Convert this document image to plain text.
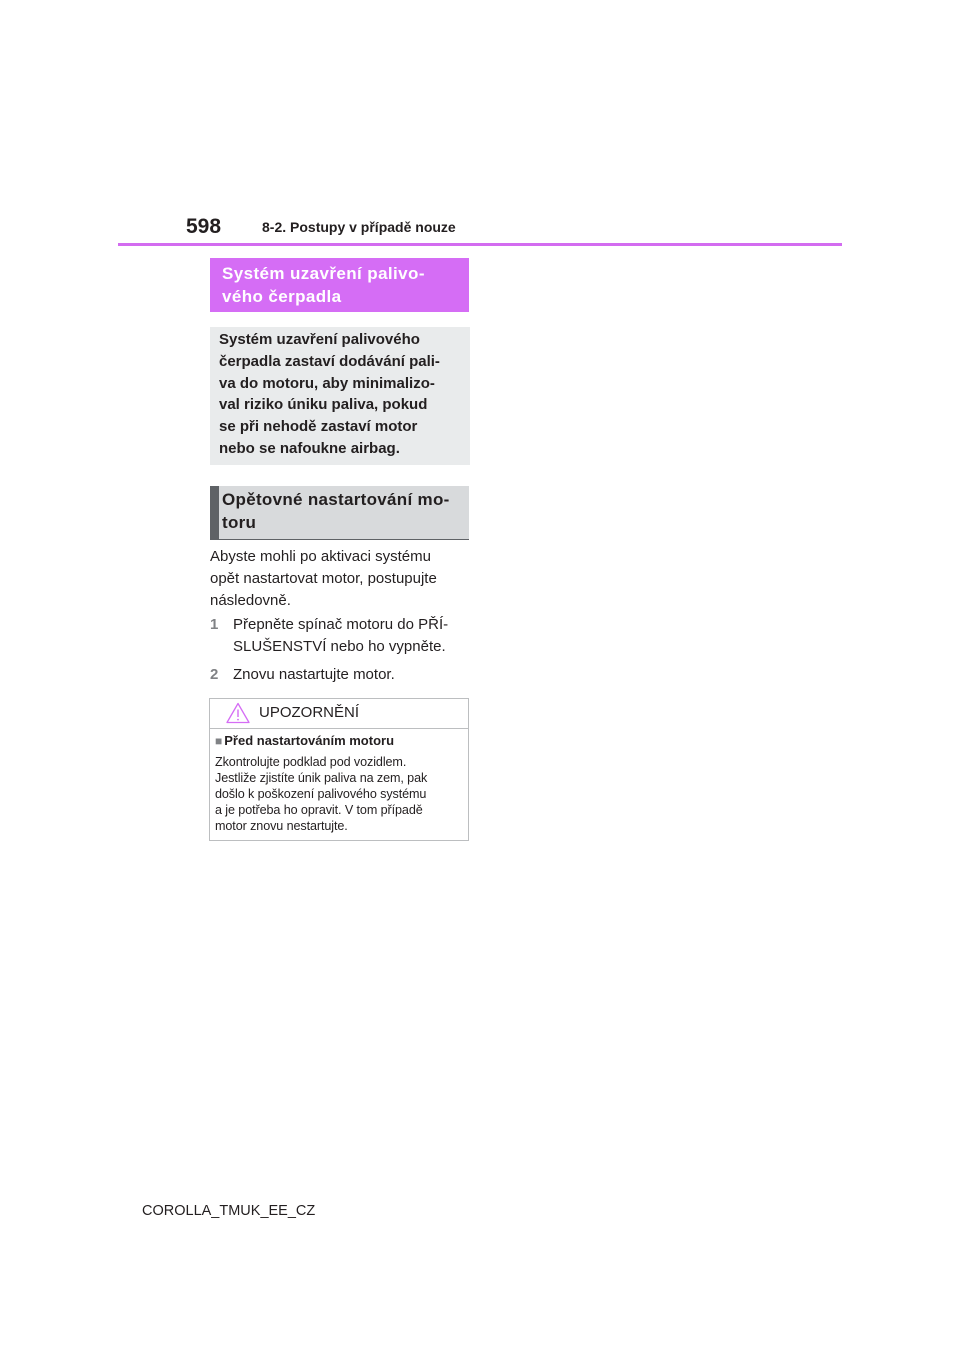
598	8-2. Postupy v případě nouze
Systém uzavření palivo-
vého čerpadla
Systém uzavření palivového
čerpadla zastaví dodávání pali-
va do motoru, aby minimalizo-
val riziko úniku paliva, pokud
se při nehodě zastaví motor
nebo se nafoukne airbag.
Opětovné nastartování mo-
toru
Abyste mohli po aktivaci systému
opět nastartovat motor, postupujte
následovně.
1 Přepněte spínač motoru do PŘÍ-
SLUŠENSTVÍ nebo ho vypněte.
2 Znovu nastartujte motor.
UPOZORNĚNÍ
■ Před nastartováním motoru
Zkontrolujte podklad pod vozidlem.
Jestliže zjistíte únik paliva na zem, pak
došlo k poškození palivového systému
a je potřeba ho opravit. V tom případě
motor znovu nestartujte.
COROLLA_TMUK_EE_CZ
